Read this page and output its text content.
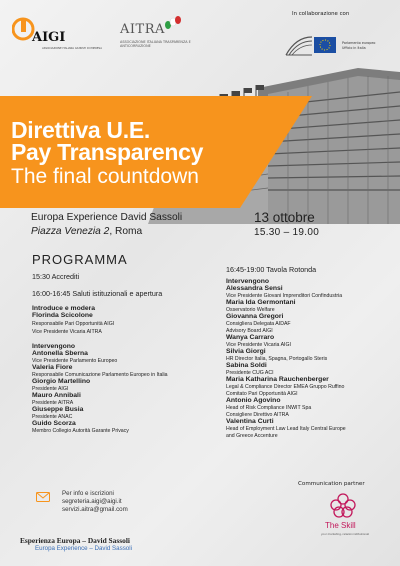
AIGI
ASSOCIAZIONE ITALIANA GIURISTI DI IMPRESA
AITRA
ASSOCIAZIONE ITALIANA TRASPARENZA E ANTICORRUZIONE
In collaborazione con
Parlamento europeo Ufficio in Italia
Direttiva U.E.
Pay Transparency
The final countdown
Europa Experience David Sassoli
Piazza Venezia 2, Roma
13 ottobre
15.30 – 19.00
PROGRAMMA
15:30 Accrediti
16:00-16:45 Saluti istituzionali e apertura
Introduce e modera
Florinda Scicolone
Responsabile Pari Opportunità AIGI
Vice Presidente Vicaria AITRA
Intervengono
Antonella Sberna
Vice Presidente Parlamento Europeo
Valeria Fiore
Responsabile Comunicazione Parlamento Europeo in Italia
Giorgio Martellino
Presidente AIGI
Mauro Annibali
Presidente AITRA
Giuseppe Busia
Presidente ANAC
Guido Scorza
Membro Collegio Autorità Garante Privacy
16:45-19:00 Tavola Rotonda
Intervengono
Alessandra Sensi
Vice Presidente Giovani Imprenditori Confindustria
Maria Ida Germontani
Osservatorio Welfare
Giovanna Gregori
Consigliera Delegata AIDAF
Advisory Board AIGI
Wanya Carraro
Vice Presidente Vicaria AIGI
Silvia Giorgi
HR Director Italia, Spagna, Portogallo Steris
Sabina Soldi
Presidente CUG ACI
Maria Katharina Rauchenberger
Legal & Compliance Director EMEA Gruppo Ruffino
Comitato Pari Opportunità AIGI
Antonio Agovino
Head of Risk Compliance INWIT Spa
Consigliere Direttivo AITRA
Valentina Curti
Head of Employment Law Lead Italy Central Europe
and Greece Accenture
Per info e iscrizioni
segreteria.aigi@aigi.it
servizi.aitra@gmail.com
Esperienza Europa – David Sassoli
Europa Experience – David Sassoli
Communication partner
The Skill
your marketing, relazioni istituzionali
